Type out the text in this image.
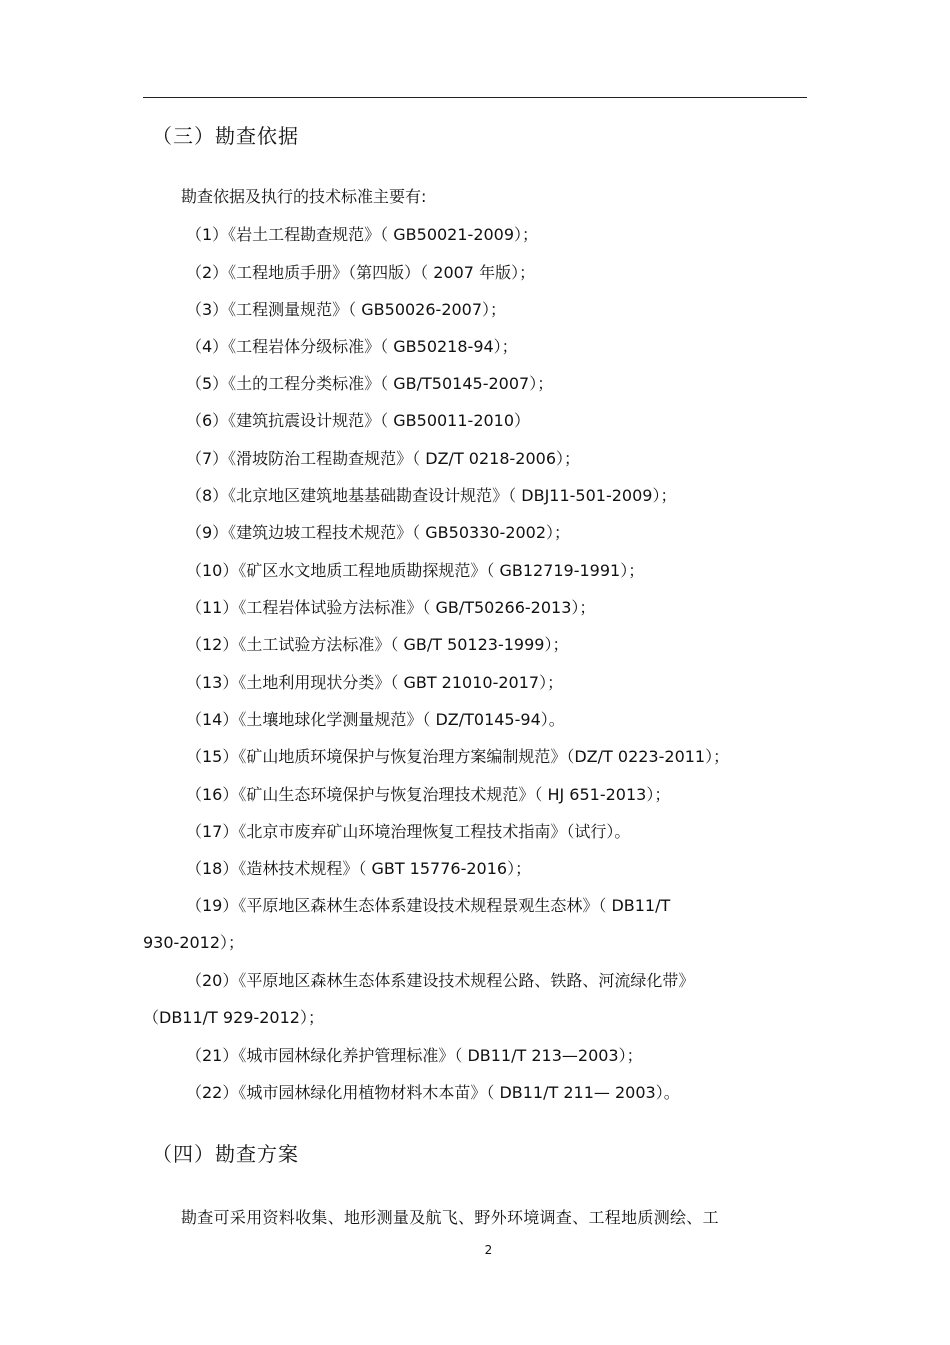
（三）勘查依据
勘查依据及执行的技术标准主要有:
（1）《岩土工程勘查规范》（ GB50021-2009）；
（2）《工程地质手册》（第四版）（ 2007 年版）；
（3）《工程测量规范》（ GB50026-2007）；
（4）《工程岩体分级标准》（ GB50218-94）；
（5）《土的工程分类标准》（ GB/T50145-2007）；
（6）《建筑抗震设计规范》（ GB50011-2010）
（7）《滑坡防治工程勘查规范》（ DZ/T 0218-2006）；
（8）《北京地区建筑地基基础勘查设计规范》（ DBJ11-501-2009）；
（9）《建筑边坡工程技术规范》（ GB50330-2002）；
（10）《矿区水文地质工程地质勘探规范》（ GB12719-1991）；
（11）《工程岩体试验方法标准》（ GB/T50266-2013）；
（12）《土工试验方法标准》（ GB/T 50123-1999）；
（13）《土地利用现状分类》（ GBT 21010-2017）；
（14）《土壤地球化学测量规范》（ DZ/T0145-94）。
（15）《矿山地质环境保护与恢复治理方案编制规范》（DZ/T 0223-2011）；
（16）《矿山生态环境保护与恢复治理技术规范》（ HJ 651-2013）；
（17）《北京市废弃矿山环境治理恢复工程技术指南》（试行）。
（18）《造林技术规程》（ GBT 15776-2016）；
（19）《平原地区森林生态体系建设技术规程景观生态林》（ DB11/T
930-2012）；
（20）《平原地区森林生态体系建设技术规程公路、铁路、河流绿化带》
（DB11/T 929-2012）；
（21）《城市园林绿化养护管理标准》（ DB11/T 213—2003）；
（22）《城市园林绿化用植物材料木本苗》（ DB11/T 211— 2003）。
（四）勘查方案
勘查可采用资料收集、地形测量及航飞、野外环境调查、工程地质测绘、工
2
